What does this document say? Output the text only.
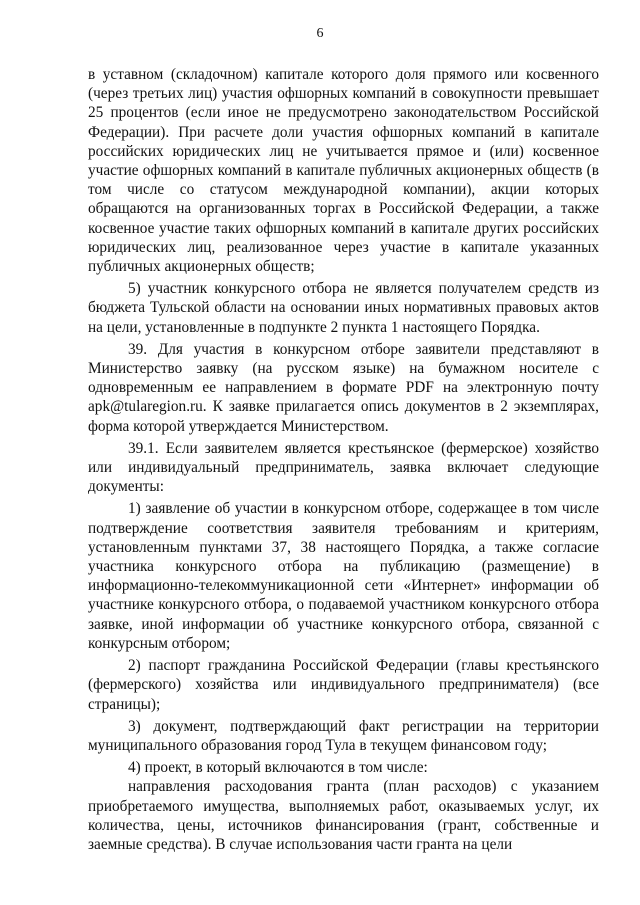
6

в уставном (складочном) капитале которого доля прямого или косвенного (через третьих лиц) участия офшорных компаний в совокупности превышает 25 процентов (если иное не предусмотрено законодательством Российской Федерации). При расчете доли участия офшорных компаний в капитале российских юридических лиц не учитывается прямое и (или) косвенное участие офшорных компаний в капитале публичных акционерных обществ (в том числе со статусом международной компании), акции которых обращаются на организованных торгах в Российской Федерации, а также косвенное участие таких офшорных компаний в капитале других российских юридических лиц, реализованное через участие в капитале указанных публичных акционерных обществ;

5) участник конкурсного отбора не является получателем средств из бюджета Тульской области на основании иных нормативных правовых актов на цели, установленные в подпункте 2 пункта 1 настоящего Порядка.

39. Для участия в конкурсном отборе заявители представляют в Министерство заявку (на русском языке) на бумажном носителе с одновременным ее направлением в формате PDF на электронную почту apk@tularegion.ru. К заявке прилагается опись документов в 2 экземплярах, форма которой утверждается Министерством.

39.1. Если заявителем является крестьянское (фермерское) хозяйство или индивидуальный предприниматель, заявка включает следующие документы:

1) заявление об участии в конкурсном отборе, содержащее в том числе подтверждение соответствия заявителя требованиям и критериям, установленным пунктами 37, 38 настоящего Порядка, а также согласие участника конкурсного отбора на публикацию (размещение) в информационно-телекоммуникационной сети «Интернет» информации об участнике конкурсного отбора, о подаваемой участником конкурсного отбора заявке, иной информации об участнике конкурсного отбора, связанной с конкурсным отбором;

2) паспорт гражданина Российской Федерации (главы крестьянского (фермерского) хозяйства или индивидуального предпринимателя) (все страницы);

3) документ, подтверждающий факт регистрации на территории муниципального образования город Тула в текущем финансовом году;

4) проект, в который включаются в том числе:

направления расходования гранта (план расходов) с указанием приобретаемого имущества, выполняемых работ, оказываемых услуг, их количества, цены, источников финансирования (грант, собственные и заемные средства). В случае использования части гранта на цели
